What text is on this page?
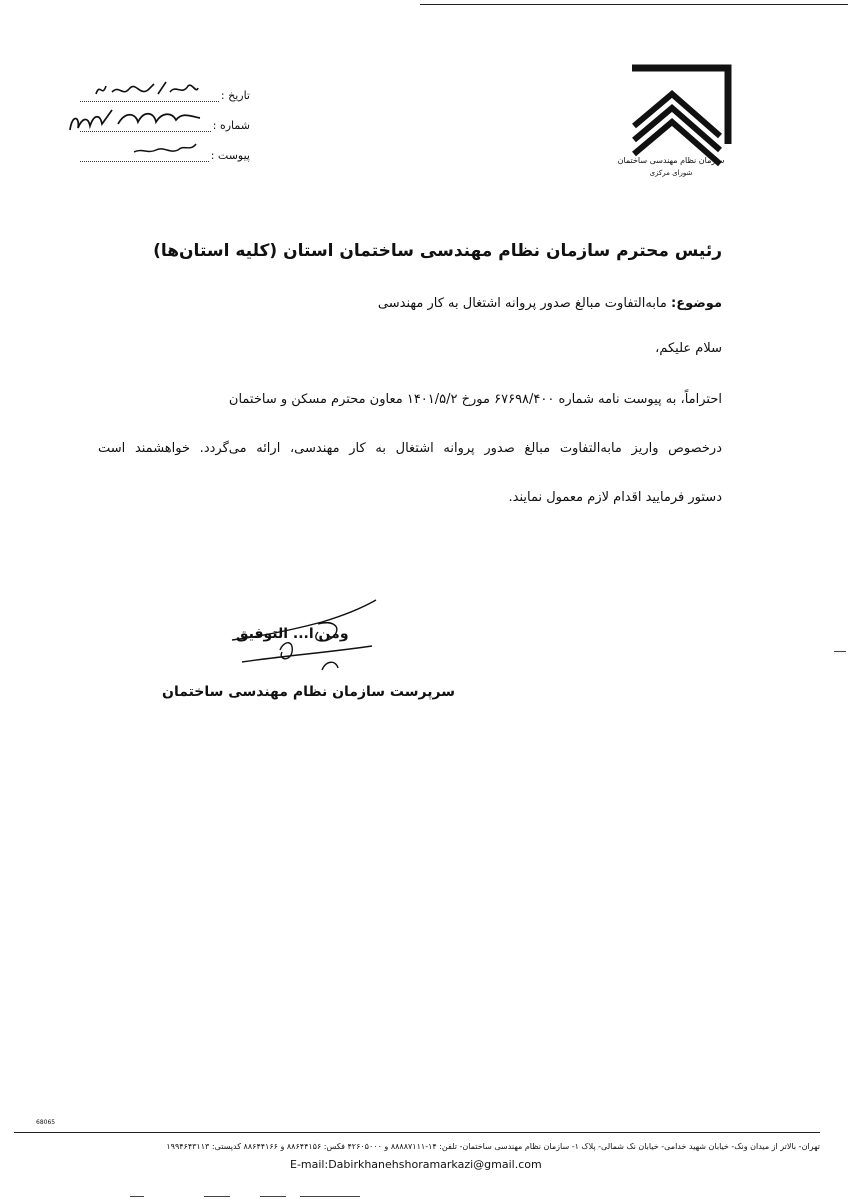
سازمان نظام مهندسی ساختمان
شورای مرکزی
تاریخ :
شماره :
پیوست :
رئیس محترم سازمان نظام مهندسی ساختمان استان (کلیه استان‌ها)
موضوع: مابه‌التفاوت مبالغ صدور پروانه اشتغال به کار مهندسی
سلام علیکم،
احتراماً، به پیوست نامه شماره ۶۷۶۹۸/۴۰۰ مورخ ۱۴۰۱/۵/۲ معاون محترم مسکن و ساختمان
درخصوص واریز مابه‌التفاوت مبالغ صدور پروانه اشتغال به کار مهندسی، ارائه می‌گردد. خواهشمند است
دستور فرمایید اقدام لازم معمول نمایند.
ومن ا... التوفیق
سرپرست سازمان نظام مهندسی ساختمان
68065
تهران- بالاتر از میدان ونک- خیابان شهید خدامی- خیابان نک شمالی- پلاک ۱- سازمان نظام مهندسی ساختمان- تلفن: ۱۴-۸۸۸۸۷۱۱۱ و ۴۲۶۰۵۰۰۰ فکس: ۸۸۶۴۴۱۵۶ و ۸۸۶۴۴۱۶۶ کدپستی: ۱۹۹۴۶۴۳۱۱۳
E-mail:Dabirkhanehshoramarkazi@gmail.com
